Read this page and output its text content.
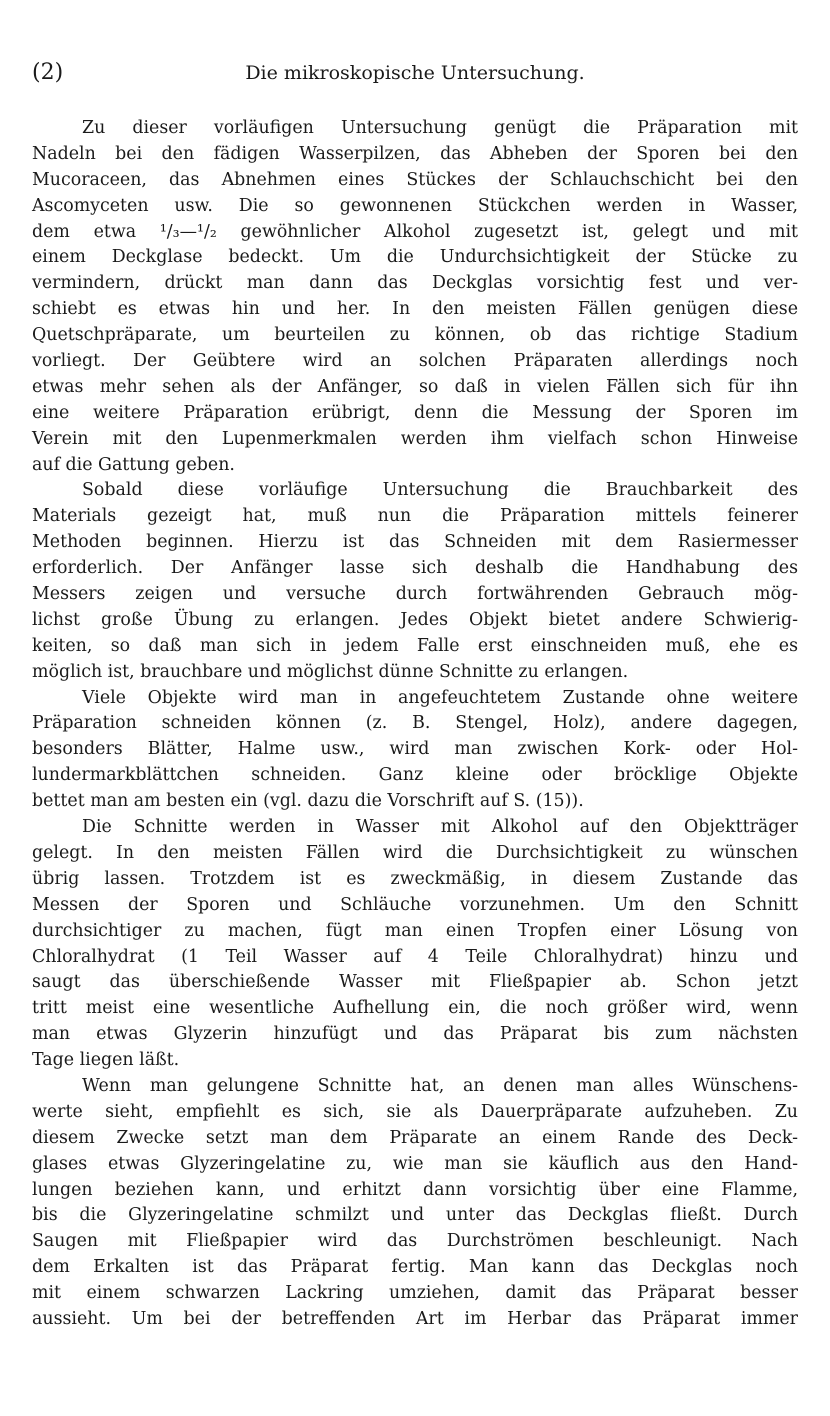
(2)	Die mikroskopische Untersuchung.

Zu dieser vorläufigen Untersuchung genügt die Präparation mit
Nadeln bei den fädigen Wasserpilzen, das Abheben der Sporen bei den
Mucoraceen, das Abnehmen eines Stückes der Schlauchschicht bei den
Ascomyceten usw. Die so gewonnenen Stückchen werden in Wasser,
dem etwa ¹/₃—¹/₂ gewöhnlicher Alkohol zugesetzt ist, gelegt und mit
einem Deckglase bedeckt. Um die Undurchsichtigkeit der Stücke zu
vermindern, drückt man dann das Deckglas vorsichtig fest und ver-
schiebt es etwas hin und her. In den meisten Fällen genügen diese
Quetschpräparate, um beurteilen zu können, ob das richtige Stadium
vorliegt. Der Geübtere wird an solchen Präparaten allerdings noch
etwas mehr sehen als der Anfänger, so daß in vielen Fällen sich für ihn
eine weitere Präparation erübrigt, denn die Messung der Sporen im
Verein mit den Lupenmerkmalen werden ihm vielfach schon Hinweise
auf die Gattung geben.

Sobald diese vorläufige Untersuchung die Brauchbarkeit des
Materials gezeigt hat, muß nun die Präparation mittels feinerer
Methoden beginnen. Hierzu ist das Schneiden mit dem Rasiermesser
erforderlich. Der Anfänger lasse sich deshalb die Handhabung des
Messers zeigen und versuche durch fortwährenden Gebrauch mög-
lichst große Übung zu erlangen. Jedes Objekt bietet andere Schwierig-
keiten, so daß man sich in jedem Falle erst einschneiden muß, ehe es
möglich ist, brauchbare und möglichst dünne Schnitte zu erlangen.

Viele Objekte wird man in angefeuchtetem Zustande ohne weitere
Präparation schneiden können (z. B. Stengel, Holz), andere dagegen,
besonders Blätter, Halme usw., wird man zwischen Kork- oder Hol-
lundermarkblättchen schneiden. Ganz kleine oder bröcklige Objekte
bettet man am besten ein (vgl. dazu die Vorschrift auf S. (15)).

Die Schnitte werden in Wasser mit Alkohol auf den Objektträger
gelegt. In den meisten Fällen wird die Durchsichtigkeit zu wünschen
übrig lassen. Trotzdem ist es zweckmäßig, in diesem Zustande das
Messen der Sporen und Schläuche vorzunehmen. Um den Schnitt
durchsichtiger zu machen, fügt man einen Tropfen einer Lösung von
Chloralhydrat (1 Teil Wasser auf 4 Teile Chloralhydrat) hinzu und
saugt das überschießende Wasser mit Fließpapier ab. Schon jetzt
tritt meist eine wesentliche Aufhellung ein, die noch größer wird, wenn
man etwas Glyzerin hinzufügt und das Präparat bis zum nächsten
Tage liegen läßt.

Wenn man gelungene Schnitte hat, an denen man alles Wünschens-
werte sieht, empfiehlt es sich, sie als Dauerpräparate aufzuheben. Zu
diesem Zwecke setzt man dem Präparate an einem Rande des Deck-
glases etwas Glyzeringelatine zu, wie man sie käuflich aus den Hand-
lungen beziehen kann, und erhitzt dann vorsichtig über eine Flamme,
bis die Glyzeringelatine schmilzt und unter das Deckglas fließt. Durch
Saugen mit Fließpapier wird das Durchströmen beschleunigt. Nach
dem Erkalten ist das Präparat fertig. Man kann das Deckglas noch
mit einem schwarzen Lackring umziehen, damit das Präparat besser
aussieht. Um bei der betreffenden Art im Herbar das Präparat immer
